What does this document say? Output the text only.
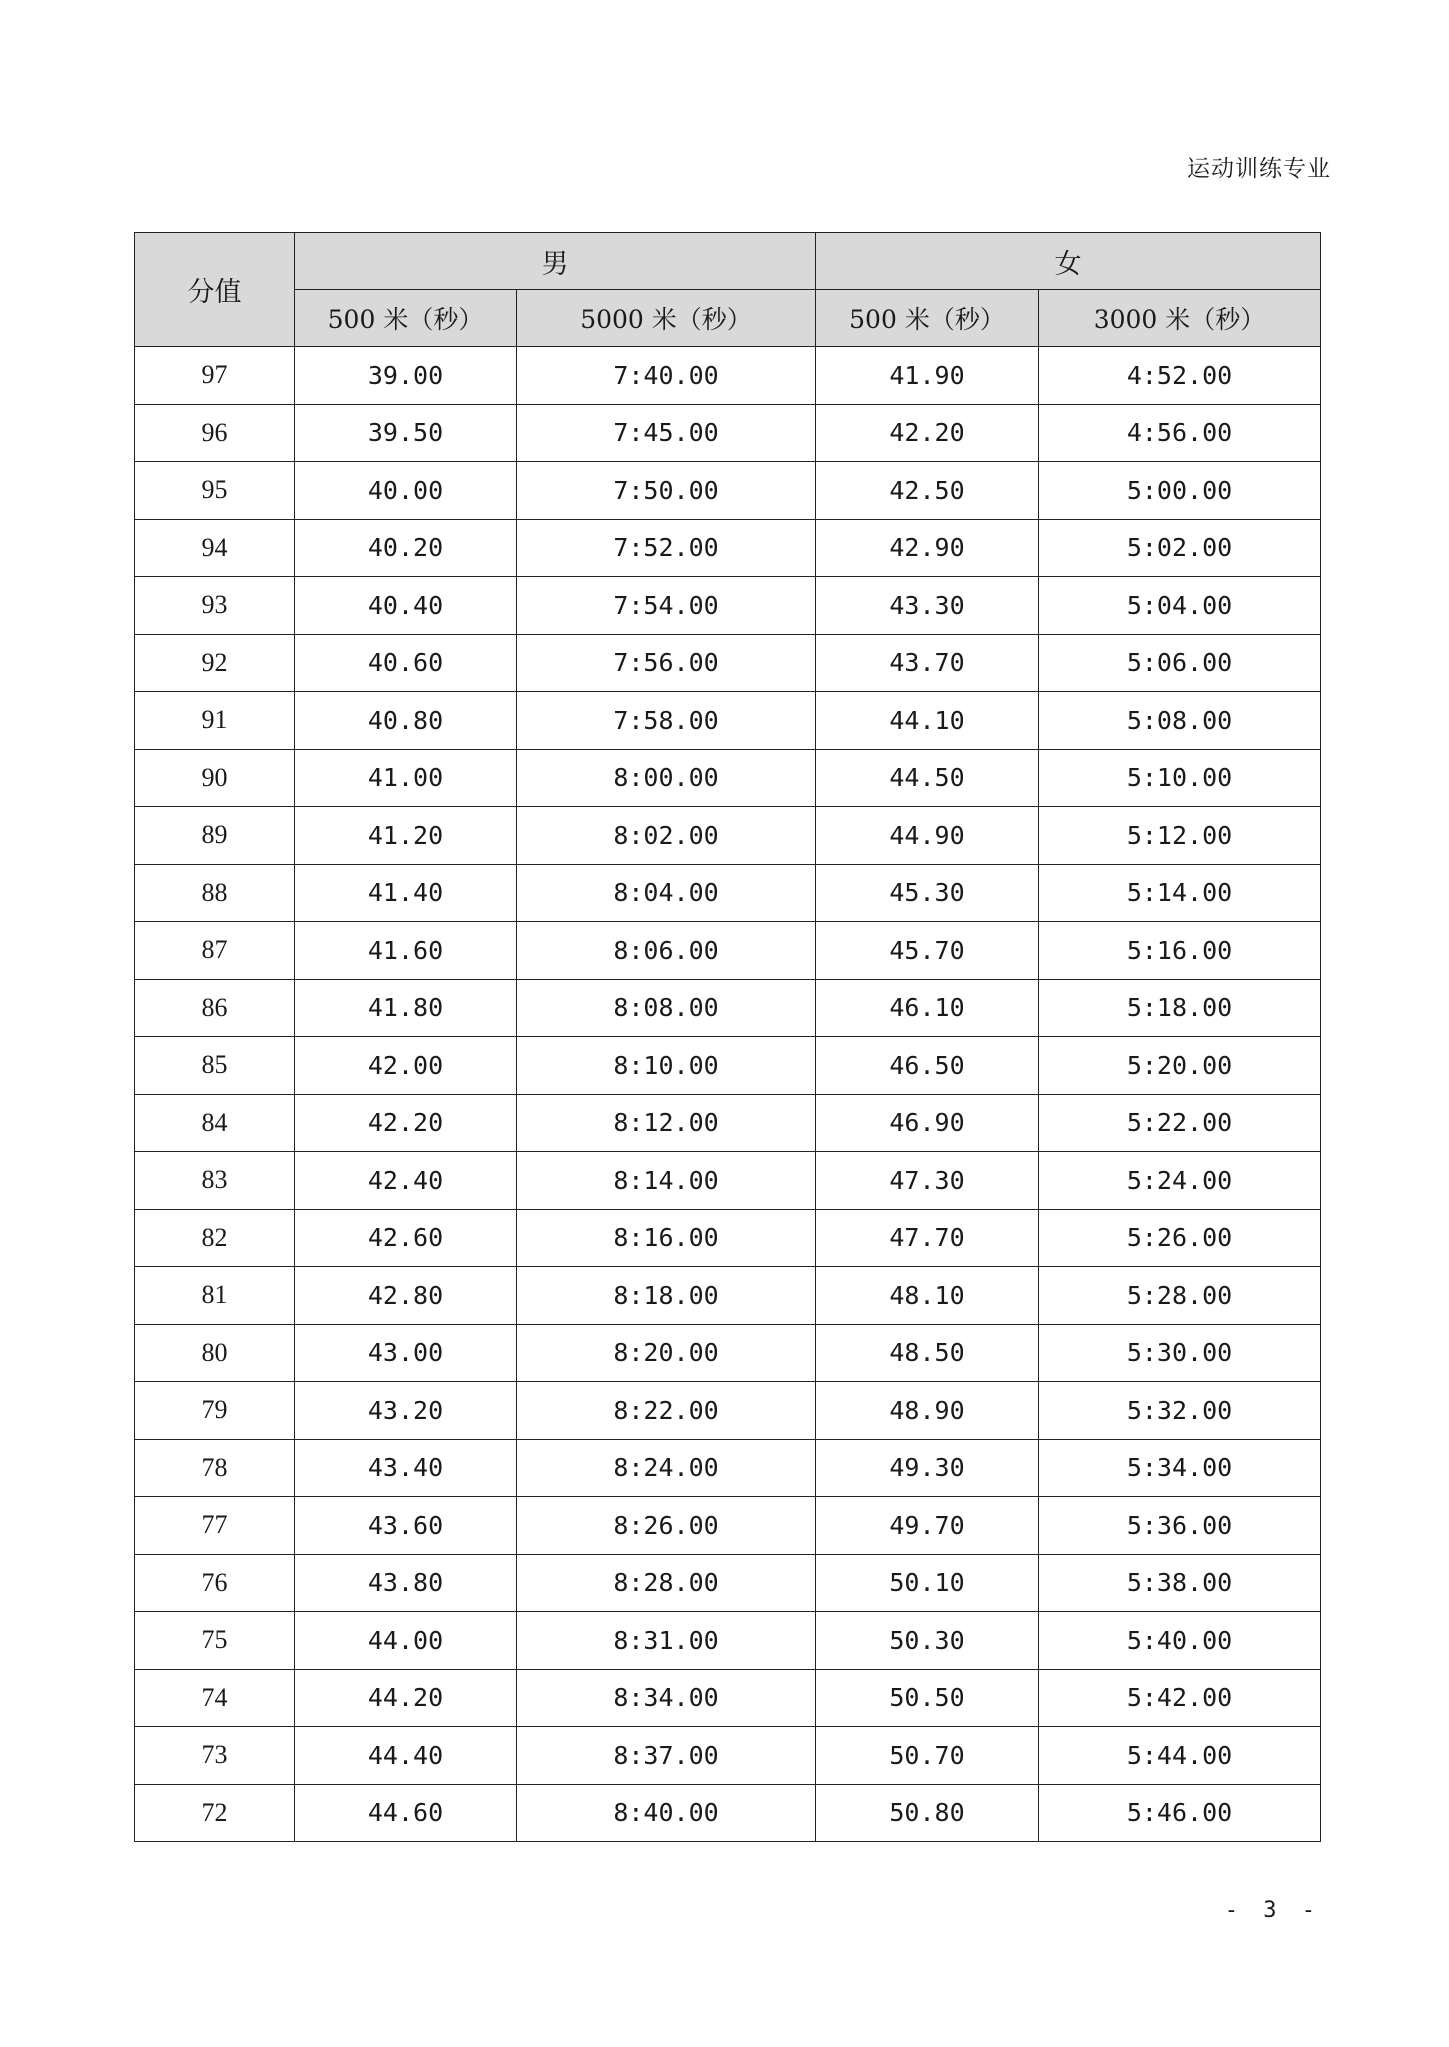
运动训练专业
分值	男		女	
	500 米（秒）	5000 米（秒）	500 米（秒）	3000 米（秒）
97	39.00	7:40.00	41.90	4:52.00
96	39.50	7:45.00	42.20	4:56.00
95	40.00	7:50.00	42.50	5:00.00
94	40.20	7:52.00	42.90	5:02.00
93	40.40	7:54.00	43.30	5:04.00
92	40.60	7:56.00	43.70	5:06.00
91	40.80	7:58.00	44.10	5:08.00
90	41.00	8:00.00	44.50	5:10.00
89	41.20	8:02.00	44.90	5:12.00
88	41.40	8:04.00	45.30	5:14.00
87	41.60	8:06.00	45.70	5:16.00
86	41.80	8:08.00	46.10	5:18.00
85	42.00	8:10.00	46.50	5:20.00
84	42.20	8:12.00	46.90	5:22.00
83	42.40	8:14.00	47.30	5:24.00
82	42.60	8:16.00	47.70	5:26.00
81	42.80	8:18.00	48.10	5:28.00
80	43.00	8:20.00	48.50	5:30.00
79	43.20	8:22.00	48.90	5:32.00
78	43.40	8:24.00	49.30	5:34.00
77	43.60	8:26.00	49.70	5:36.00
76	43.80	8:28.00	50.10	5:38.00
75	44.00	8:31.00	50.30	5:40.00
74	44.20	8:34.00	50.50	5:42.00
73	44.40	8:37.00	50.70	5:44.00
72	44.60	8:40.00	50.80	5:46.00
- 3 -
